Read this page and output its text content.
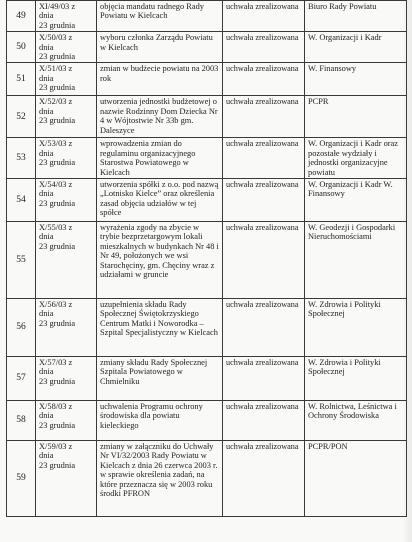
49	XI/49/03 z
dnia
23 grudnia	objęcia mandatu radnego Rady Powiatu w Kielcach	uchwała zrealizowana	Biuro Rady Powiatu
50	X/50/03 z
dnia
23 grudnia	wyboru członka Zarządu Powiatu w Kielcach	uchwała zrealizowana	W. Organizacji i Kadr
51	X/51/03 z
dnia
23 grudnia	zmian w budżecie powiatu na 2003 rok	uchwała zrealizowana	W. Finansowy
52	X/52/03 z
dnia
23 grudnia	utworzenia jednostki budżetowej o nazwie Rodzinny Dom Dziecka Nr 4 w Wójtostwie Nr 33b gm. Daleszyce	uchwała zrealizowana	PCPR
53	X/53/03 z
dnia
23 grudnia	wprowadzenia zmian do regulaminu organizacyjnego Starostwa Powiatowego w Kielcach	uchwała zrealizowana	W. Organizacji i Kadr oraz pozostałe wydziały i jednostki organizacyjne powiatu
54	X/54/03 z
dnia
23 grudnia	utworzenia spółki z o.o. pod nazwą „Lotnisko Kielce” oraz określenia zasad objęcia udziałów w tej spółce	uchwała zrealizowana	W. Organizacji i Kadr W. Finansowy
55	X/55/03 z
dnia
23 grudnia	wyrażenia zgody na zbycie w trybie bezprzetargowym lokali mieszkalnych w budynkach Nr 48 i Nr 49, położonych we wsi Starochęciny, gm. Chęciny wraz z udziałami w gruncie	uchwała zrealizowana	W. Geodezji i Gospodarki Nieruchomościami
56	X/56/03 z
dnia
23 grudnia	uzupełnienia składu Rady Społecznej Świętokrzyskiego Centrum Matki i Noworodka – Szpital Specjalistyczny w Kielcach	uchwała zrealizowana	W. Zdrowia i Polityki Społecznej
57	X/57/03 z
dnia
23 grudnia	zmiany składu Rady Społecznej Szpitala Powiatowego w Chmielniku	uchwała zrealizowana	W. Zdrowia i Polityki Społecznej
58	X/58/03 z
dnia
23 grudnia	uchwalenia Programu ochrony środowiska dla powiatu kieleckiego	uchwała zrealizowana	W. Rolnictwa, Leśnictwa i Ochrony Środowiska
59	X/59/03 z
dnia
23 grudnia	zmiany w załączniku do Uchwały Nr VI/32/2003 Rady Powiatu w Kielcach z dnia 26 czerwca 2003 r. w sprawie określenia zadań, na które przeznacza się w 2003 roku środki PFRON	uchwała zrealizowana	PCPR/PON
